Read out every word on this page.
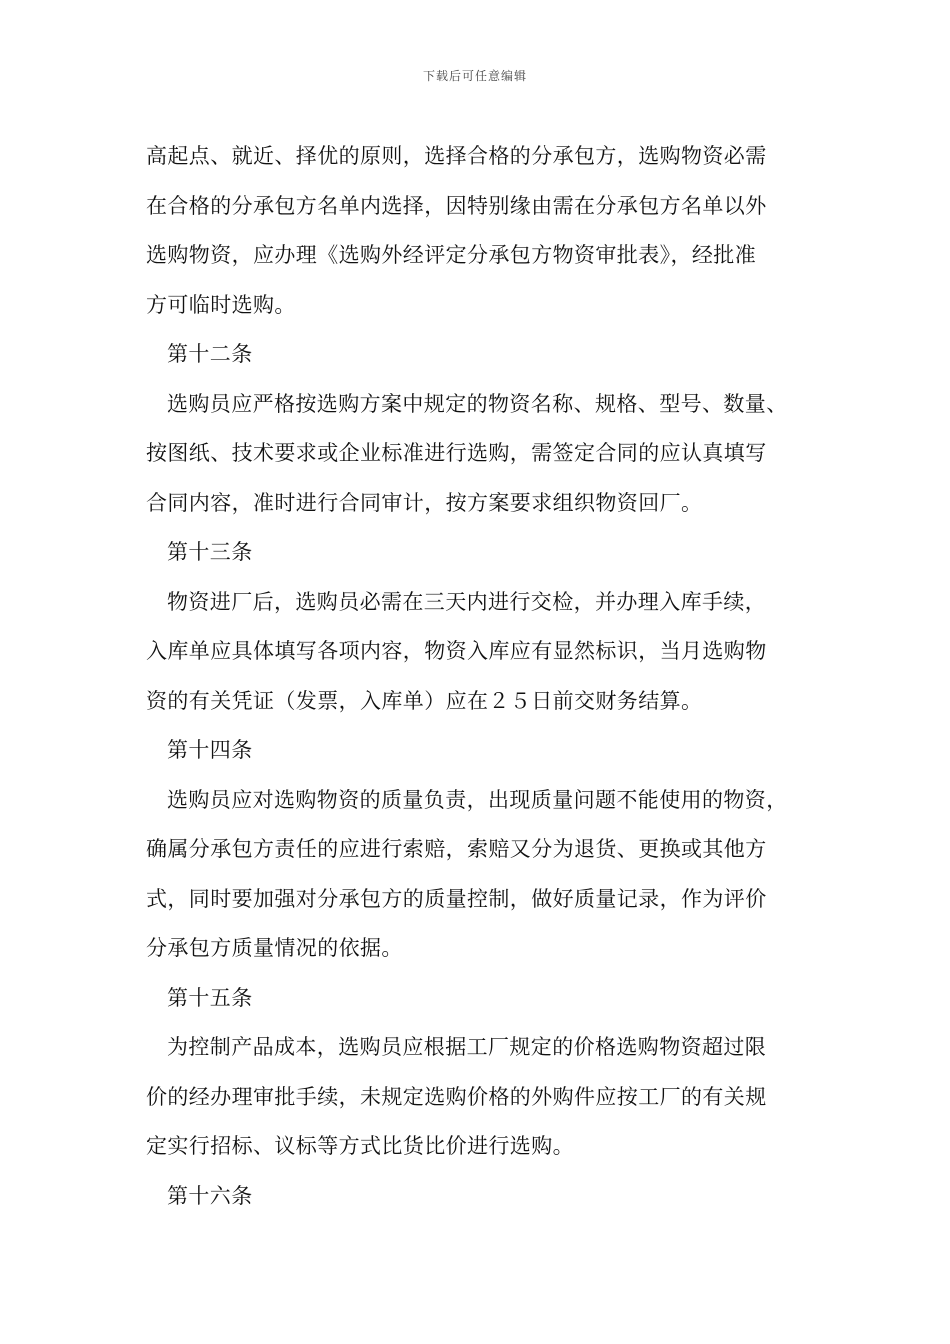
下载后可任意编辑
高起点、就近、择优的原则，选择合格的分承包方，选购物资必需
在合格的分承包方名单内选择，因特别缘由需在分承包方名单以外
选购物资，应办理《选购外经评定分承包方物资审批表》，经批准
方可临时选购。
第十二条
选购员应严格按选购方案中规定的物资名称、规格、型号、数量、
按图纸、技术要求或企业标准进行选购，需签定合同的应认真填写
合同内容，准时进行合同审计，按方案要求组织物资回厂。
第十三条
物资进厂后，选购员必需在三天内进行交检，并办理入库手续，
入库单应具体填写各项内容，物资入库应有显然标识，当月选购物
资的有关凭证（发票，入库单）应在２５日前交财务结算。
第十四条
选购员应对选购物资的质量负责，出现质量问题不能使用的物资，
确属分承包方责任的应进行索赔，索赔又分为退货、更换或其他方
式，同时要加强对分承包方的质量控制，做好质量记录，作为评价
分承包方质量情况的依据。
第十五条
为控制产品成本，选购员应根据工厂规定的价格选购物资超过限
价的经办理审批手续，未规定选购价格的外购件应按工厂的有关规
定实行招标、议标等方式比货比价进行选购。
第十六条
